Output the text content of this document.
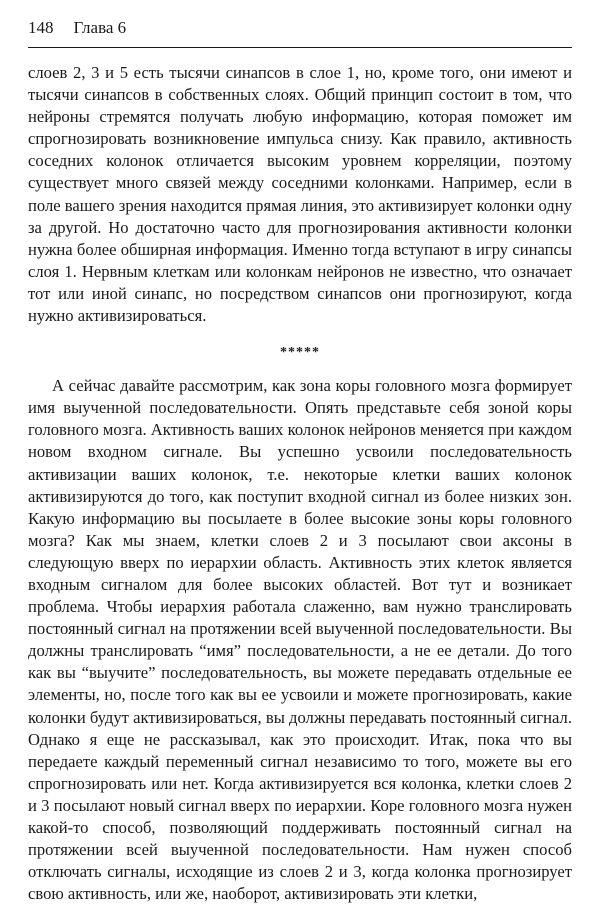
148 Глава 6

слоев 2, 3 и 5 есть тысячи синапсов в слое 1, но, кроме того, они имеют и тысячи синапсов в собственных слоях. Общий принцип состоит в том, что нейроны стремятся получать любую информацию, которая поможет им спрогнозировать возникновение импульса снизу. Как правило, активность соседних колонок отличается высоким уровнем корреляции, поэтому существует много связей между соседними колонками. Например, если в поле вашего зрения находится прямая линия, это активизирует колонки одну за другой. Но достаточно часто для прогнозирования активности колонки нужна более обширная информация. Именно тогда вступают в игру синапсы слоя 1. Нервным клеткам или колонкам нейронов не известно, что означает тот или иной синапс, но посредством синапсов они прогнозируют, когда нужно активизироваться.

*****

А сейчас давайте рассмотрим, как зона коры головного мозга формирует имя выученной последовательности. Опять представьте себя зоной коры головного мозга. Активность ваших колонок нейронов меняется при каждом новом входном сигнале. Вы успешно усвоили последовательность активизации ваших колонок, т.е. некоторые клетки ваших колонок активизируются до того, как поступит входной сигнал из более низких зон. Какую информацию вы посылаете в более высокие зоны коры головного мозга? Как мы знаем, клетки слоев 2 и 3 посылают свои аксоны в следующую вверх по иерархии область. Активность этих клеток является входным сигналом для более высоких областей. Вот тут и возникает проблема. Чтобы иерархия работала слаженно, вам нужно транслировать постоянный сигнал на протяжении всей выученной последовательности. Вы должны транслировать “имя” последовательности, а не ее детали. До того как вы “выучите” последовательность, вы можете передавать отдельные ее элементы, но, после того как вы ее усвоили и можете прогнозировать, какие колонки будут активизироваться, вы должны передавать постоянный сигнал. Однако я еще не рассказывал, как это происходит. Итак, пока что вы передаете каждый переменный сигнал независимо то того, можете вы его спрогнозировать или нет. Когда активизируется вся колонка, клетки слоев 2 и 3 посылают новый сигнал вверх по иерархии. Коре головного мозга нужен какой-то способ, позволяющий поддерживать постоянный сигнал на протяжении всей выученной последовательности. Нам нужен способ отключать сигналы, исходящие из слоев 2 и 3, когда колонка прогнозирует свою активность, или же, наоборот, активизировать эти клетки,
